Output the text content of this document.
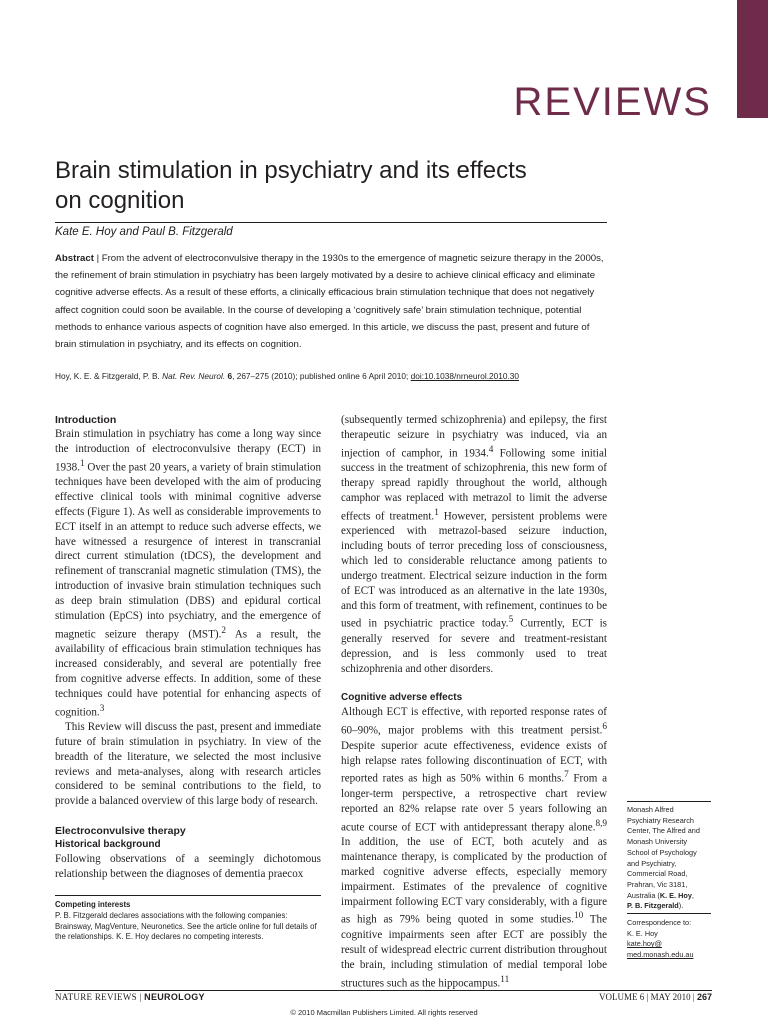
REVIEWS
Brain stimulation in psychiatry and its effects
on cognition
Kate E. Hoy and Paul B. Fitzgerald
Abstract | From the advent of electroconvulsive therapy in the 1930s to the emergence of magnetic seizure therapy in the 2000s, the refinement of brain stimulation in psychiatry has been largely motivated by a desire to achieve clinical efficacy and eliminate cognitive adverse effects. As a result of these efforts, a clinically efficacious brain stimulation technique that does not negatively affect cognition could soon be available. In the course of developing a ‘cognitively safe’ brain stimulation technique, potential methods to enhance various aspects of cognition have also emerged. In this article, we discuss the past, present and future of brain stimulation in psychiatry, and its effects on cognition.
Hoy, K. E. & Fitzgerald, P. B. Nat. Rev. Neurol. 6, 267–275 (2010); published online 6 April 2010; doi:10.1038/nrneurol.2010.30
Introduction

Brain stimulation in psychiatry has come a long way since the introduction of electroconvulsive therapy (ECT) in 1938.$^1$ Over the past 20 years, a variety of brain stimulation techniques have been developed with the aim of producing effective clinical tools with minimal cognitive adverse effects (Figure 1). As well as considerable improvements to ECT itself in an attempt to reduce such adverse effects, we have witnessed a resurgence of interest in transcranial direct current stimulation (tDCS), the development and refinement of transcranial magnetic stimulation (TMS), the introduction of invasive brain stimulation techniques such as deep brain stimulation (DBS) and epidural cortical stimulation (EpCS) into psychiatry, and the emergence of magnetic seizure therapy (MST).$^2$ As a result, the availability of efficacious brain stimulation techniques has increased considerably, and several are potentially free from cognitive adverse effects. In addition, some of these techniques could have potential for enhancing aspects of cognition.$^3$

This Review will discuss the past, present and immediate future of brain stimulation in psychiatry. In view of the breadth of the literature, we selected the most inclusive reviews and meta-analyses, along with research articles considered to be seminal contributions to the field, to provide a balanced overview of this large body of research.

Electroconvulsive therapy
Historical background

Following observations of a seemingly dichotomous relationship between the diagnoses of dementia praecox

Competing interests
P. B. Fitzgerald declares associations with the following companies: Brainsway, MagVenture, Neuronetics. See the article online for full details of the relationships. K. E. Hoy declares no competing interests.

(subsequently termed schizophrenia) and epilepsy, the first therapeutic seizure in psychiatry was induced, via an injection of camphor, in 1934.$^4$ Following some initial success in the treatment of schizophrenia, this new form of therapy spread rapidly throughout the world, although camphor was replaced with metrazol to limit the adverse effects of treatment.$^1$ However, persistent problems were experienced with metrazol-based seizure induction, including bouts of terror preceding loss of consciousness, which led to considerable reluctance among patients to undergo treatment. Electrical seizure induction in the form of ECT was introduced as an alternative in the late 1930s, and this form of treatment, with refinement, continues to be used in psychiatric practice today.$^5$ Currently, ECT is generally reserved for severe and treatment-resistant depression, and is less commonly used to treat schizophrenia and other disorders.

Cognitive adverse effects

Although ECT is effective, with reported response rates of 60–90%, major problems with this treatment persist.$^6$ Despite superior acute effectiveness, evidence exists of high relapse rates following discontinuation of ECT, with reported rates as high as 50% within 6 months.$^7$ From a longer-term perspective, a retrospective chart review reported an 82% relapse rate over 5 years following an acute course of ECT with antidepressant therapy alone.$^{8,9}$ In addition, the use of ECT, both acutely and as maintenance therapy, is complicated by the production of marked cognitive adverse effects, especially memory impairment. Estimates of the prevalence of cognitive impairment following ECT vary considerably, with a figure as high as 79% being quoted in some studies.$^{10}$ The cognitive impairments seen after ECT are possibly the result of widespread electric current distribution throughout the brain, including stimulation of medial temporal lobe structures such as the hippocampus.$^{11}$

Monash Alfred
Psychiatry Research
Center, The Alfred and
Monash University
School of Psychology
and Psychiatry,
Commercial Road,
Prahran, Vic 3181,
Australia (K. E. Hoy,
P. B. Fitzgerald).
Correspondence to:
K. E. Hoy
kate.hoy@
med.monash.edu.au
NATURE REVIEWS | NEUROLOGY	VOLUME 6 | MAY 2010 | 267
© 2010 Macmillan Publishers Limited. All rights reserved
